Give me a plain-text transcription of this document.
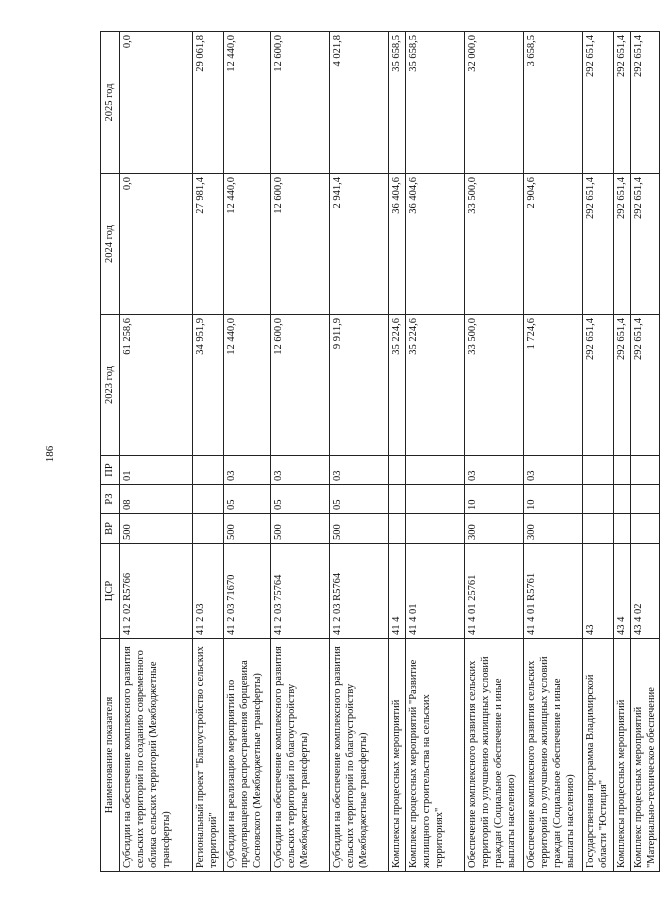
186
Наименование показателя	ЦСР	ВР	РЗ	ПР	2023 год	2024 год	2025 год
Субсидии на обеспечение комплексного развития сельских территорий по созданию современного облика сельских территорий (Межбюджетные трансферты)	41 2 02 R5766	500	08	01	61 258,6	0,0	0,0
Региональный проект "Благоустройство сельских территорий"	41 2 03				34 951,9	27 981,4	29 061,8
Субсидии на реализацию мероприятий по предотвращению распространения борщевика Сосновского (Межбюджетные трансферты)	41 2 03 71670	500	05	03	12 440,0	12 440,0	12 440,0
Субсидии на обеспечение комплексного развития сельских территорий по благоустройству (Межбюджетные трансферты)	41 2 03 75764	500	05	03	12 600,0	12 600,0	12 600,0
Субсидии на обеспечение комплексного развития сельских территорий по благоустройству (Межбюджетные трансферты)	41 2 03 R5764	500	05	03	9 911,9	2 941,4	4 021,8
Комплексы процессных мероприятий	41 4				35 224,6	36 404,6	35 658,5
Комплекс процессных мероприятий "Развитие жилищного строительства на сельских территориях"	41 4 01				35 224,6	36 404,6	35 658,5
Обеспечение комплексного развития сельских территорий по улучшению жилищных условий граждан (Социальное обеспечение и иные выплаты населению)	41 4 01 25761	300	10	03	33 500,0	33 500,0	32 000,0
Обеспечение комплексного развития сельских территорий по улучшению жилищных условий граждан (Социальное обеспечение и иные выплаты населению)	41 4 01 R5761	300	10	03	1 724,6	2 904,6	3 658,5
Государственная программа Владимирской области "Юстиция"	43				292 651,4	292 651,4	292 651,4
Комплексы процессных мероприятий	43 4				292 651,4	292 651,4	292 651,4
Комплекс процессных мероприятий "Материально-техническое обеспечение	43 4 02				292 651,4	292 651,4	292 651,4
